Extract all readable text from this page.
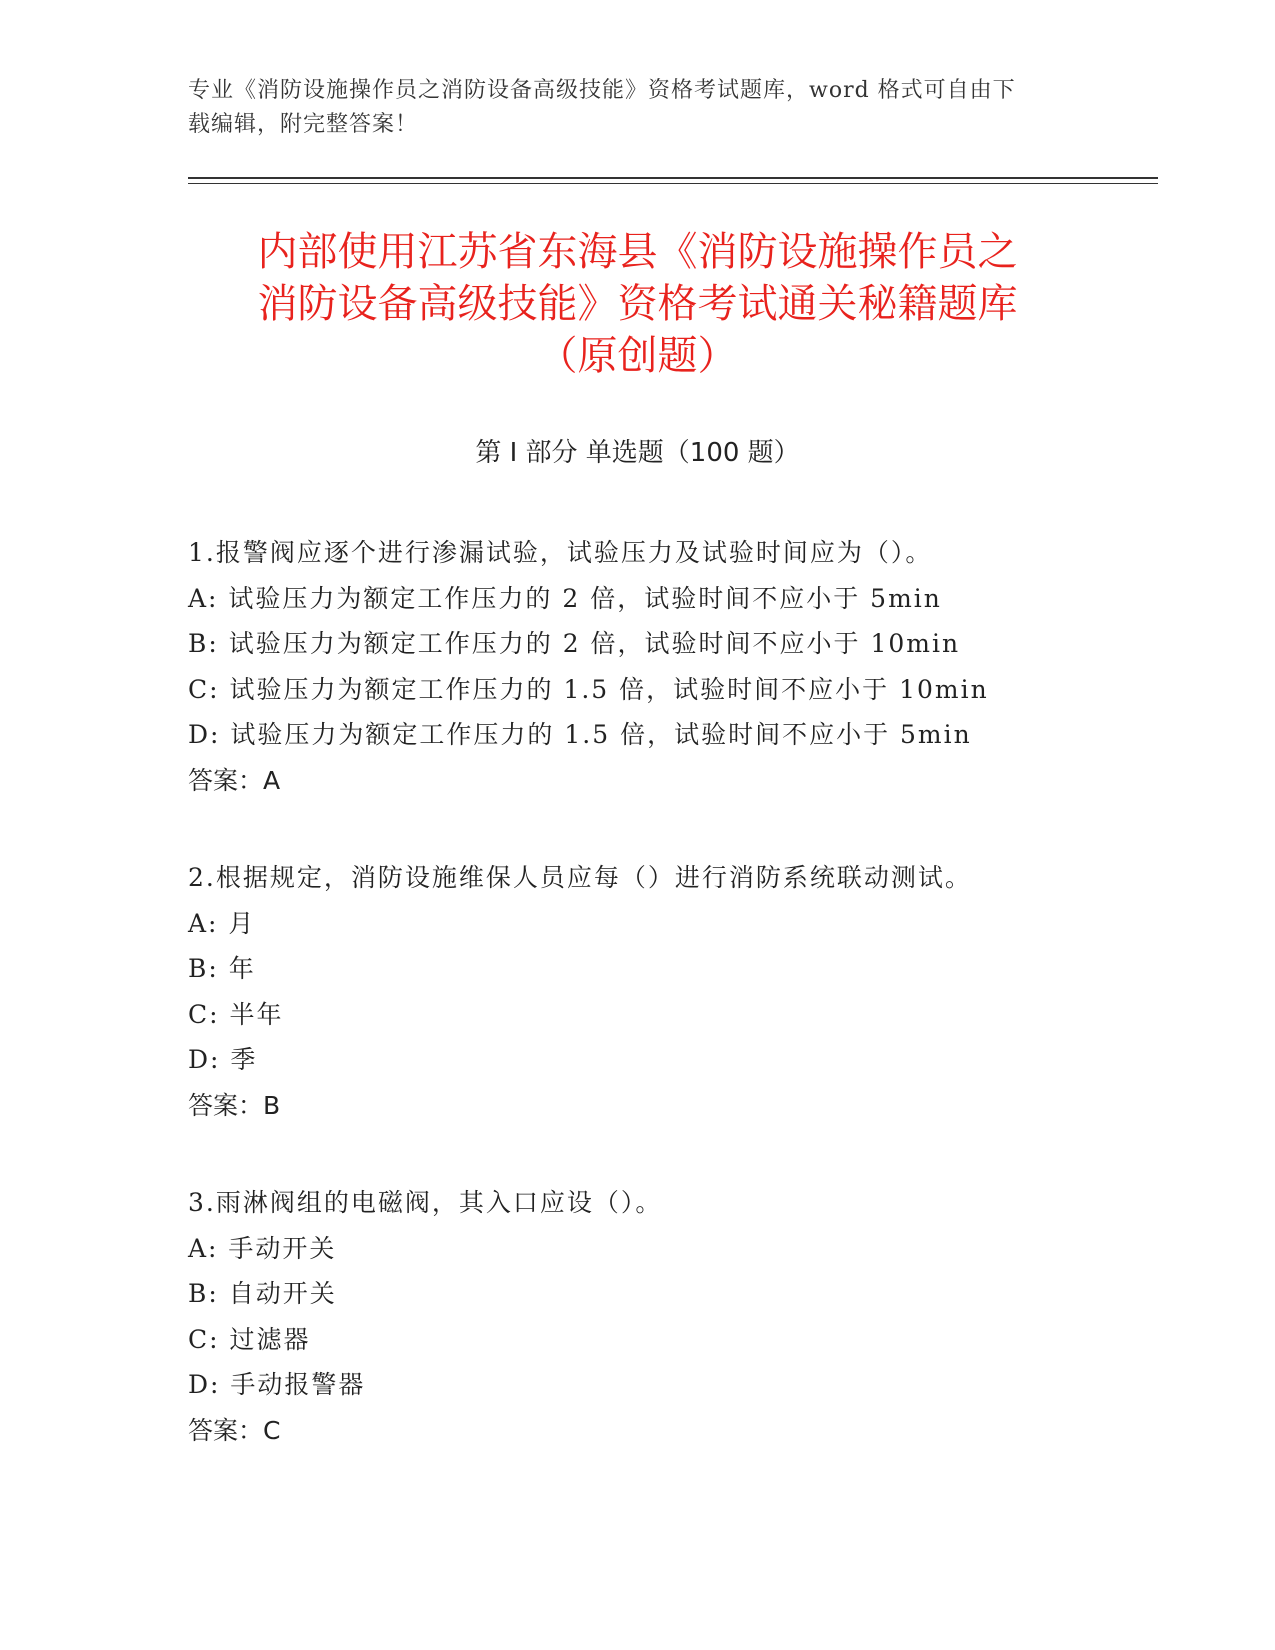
专业《消防设施操作员之消防设备高级技能》资格考试题库，word 格式可自由下
载编辑，附完整答案！
内部使用江苏省东海县《消防设施操作员之
消防设备高级技能》资格考试通关秘籍题库
（原创题）
第 I 部分 单选题（100 题）
1.报警阀应逐个进行渗漏试验，试验压力及试验时间应为（）。
A: 试验压力为额定工作压力的 2 倍，试验时间不应小于 5min
B: 试验压力为额定工作压力的 2 倍，试验时间不应小于 10min
C: 试验压力为额定工作压力的 1.5 倍，试验时间不应小于 10min
D: 试验压力为额定工作压力的 1.5 倍，试验时间不应小于 5min
答案：A
2.根据规定，消防设施维保人员应每（）进行消防系统联动测试。
A: 月
B: 年
C: 半年
D: 季
答案：B
3.雨淋阀组的电磁阀，其入口应设（）。
A: 手动开关
B: 自动开关
C: 过滤器
D: 手动报警器
答案：C
